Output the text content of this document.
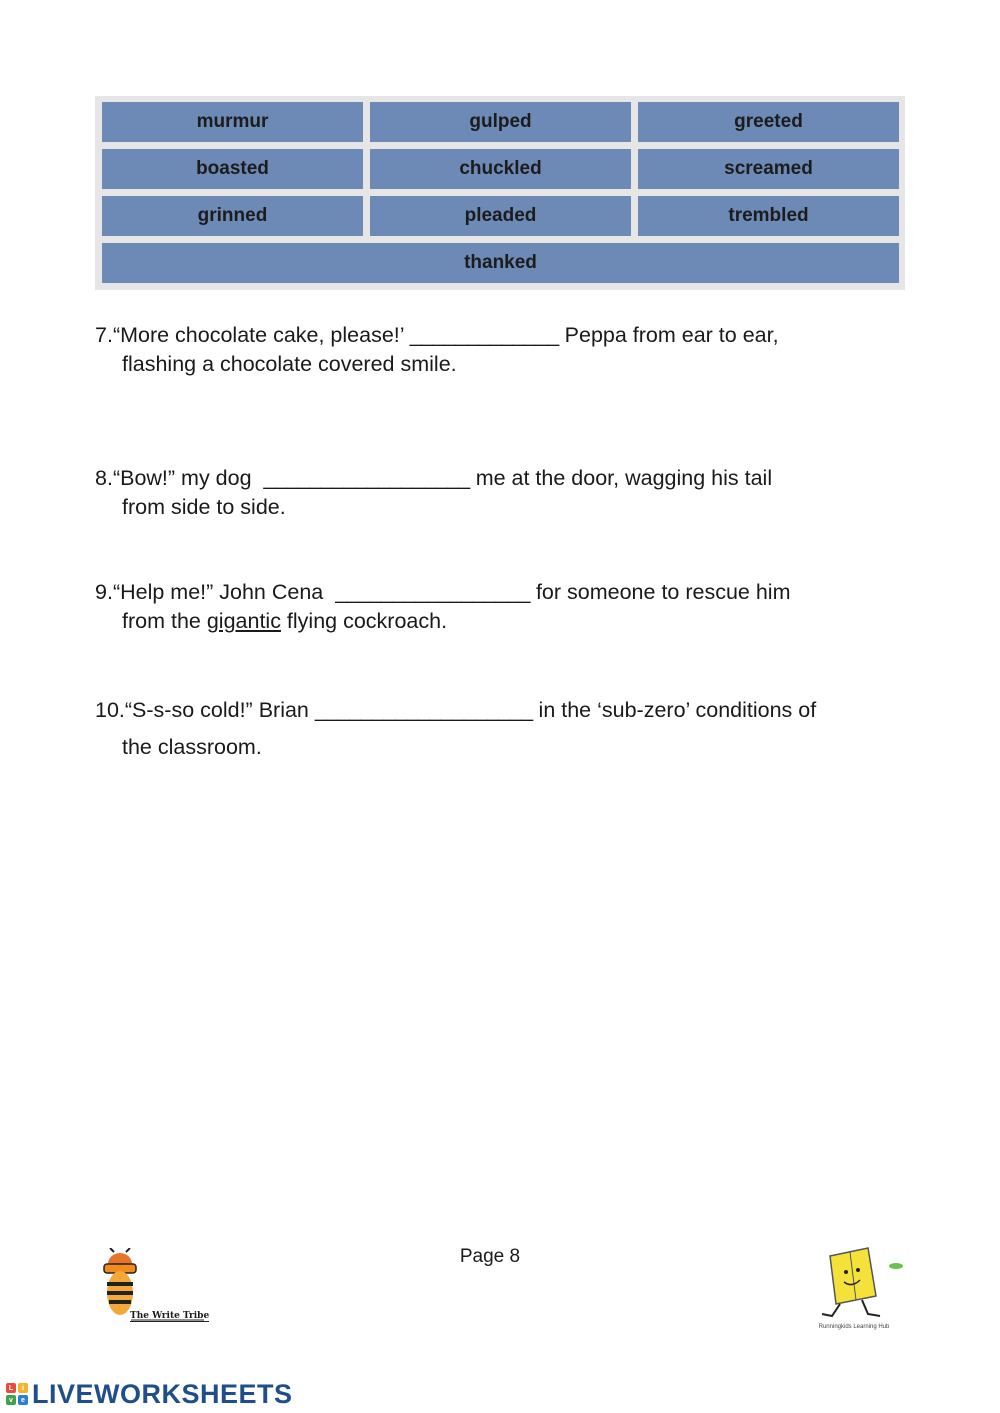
murmur	gulped	greeted
boasted	chuckled	screamed
grinned	pleaded	trembled
thanked
7.“More chocolate cake, please!’ _____________ Peppa from ear to ear,
flashing a chocolate covered smile.
8.“Bow!” my dog  __________________ me at the door, wagging his tail
from side to side.
9.“Help me!” John Cena  _________________ for someone to rescue him
from the gigantic flying cockroach.
10.“S-s-so cold!” Brian ___________________ in the ‘sub-zero’ conditions of
the classroom.
Page 8
The Write Tribe
Runningkids Learning Hub
L	i
v	e LIVEWORKSHEETS
